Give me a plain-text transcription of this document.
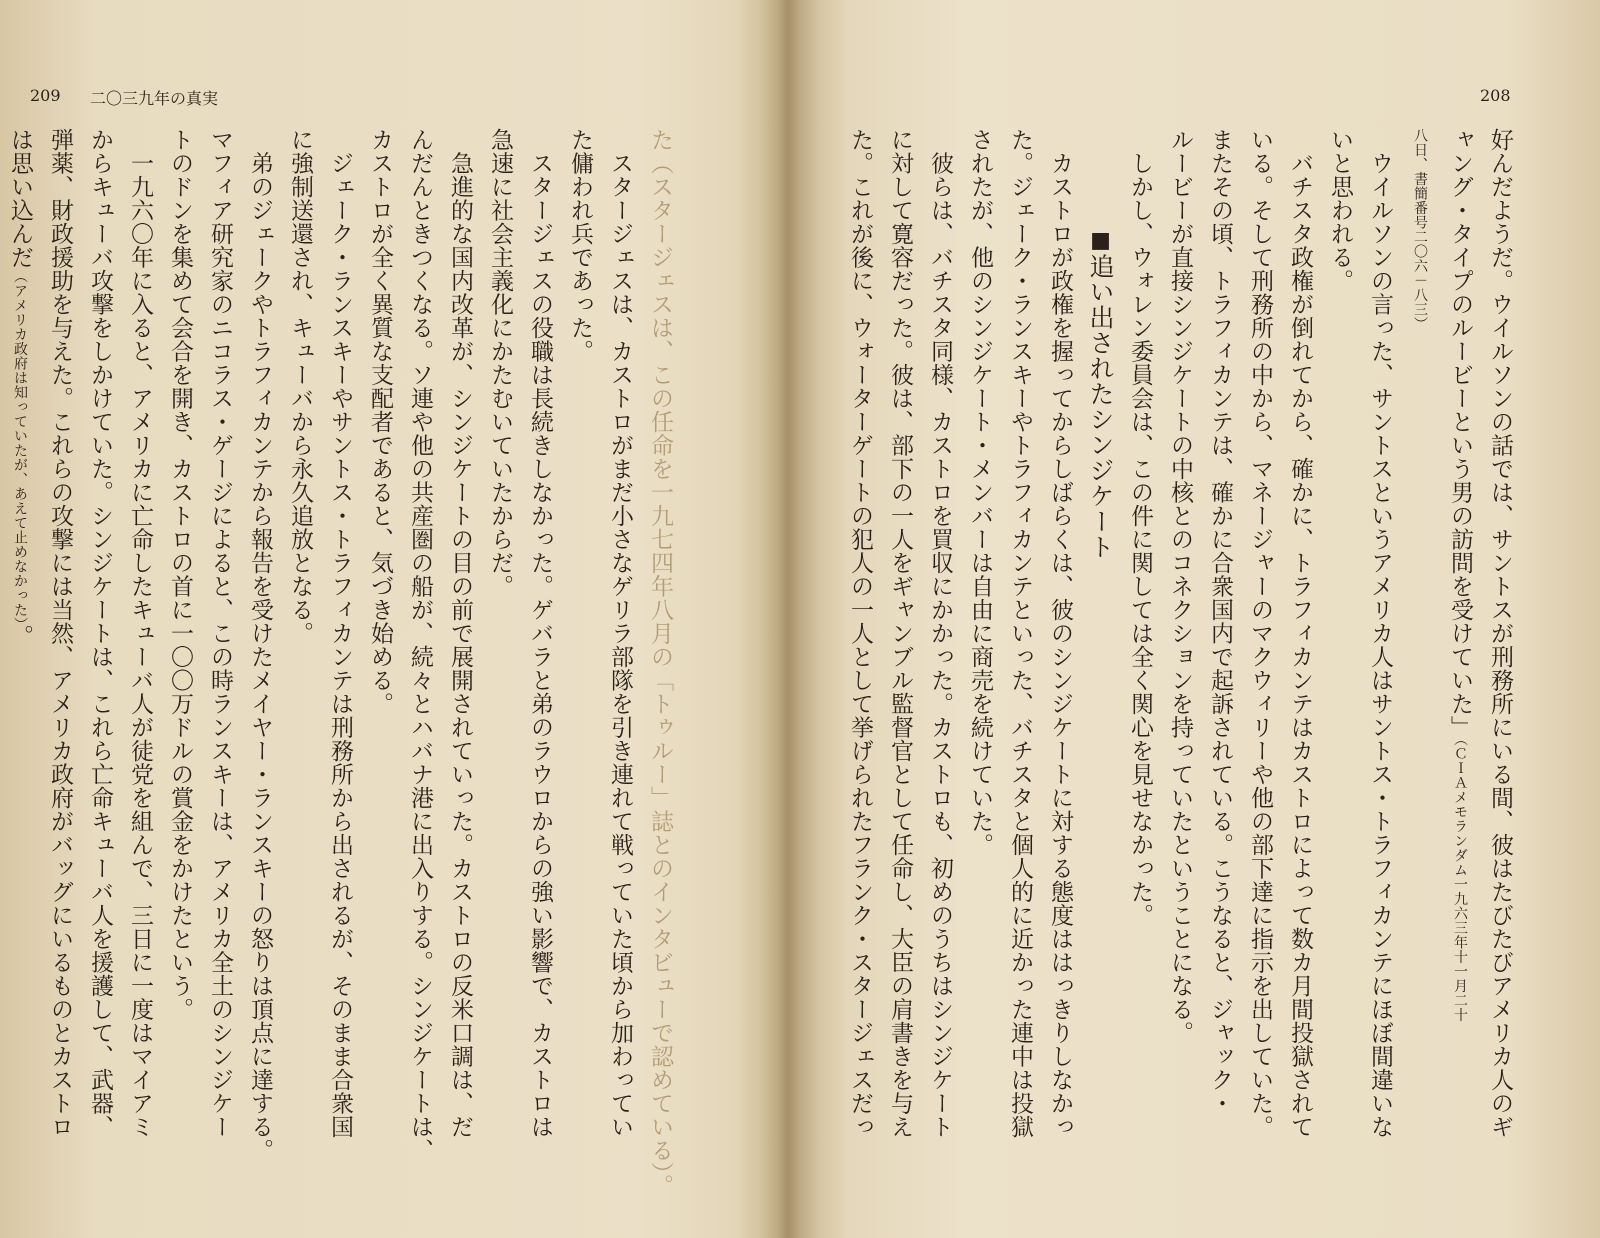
209 二〇三九年の真実
た（スタージェスは、この任命を一九七四年八月の「トゥルー」誌とのインタビューで認めている）。
　スタージェスは、カストロがまだ小さなゲリラ部隊を引き連れて戦っていた頃から加わってい
た傭われ兵であった。
　スタージェスの役職は長続きしなかった。ゲバラと弟のラウロからの強い影響で、カストロは
急速に社会主義化にかたむいていたからだ。
　急進的な国内改革が、シンジケートの目の前で展開されていった。カストロの反米口調は、だ
んだんときつくなる。ソ連や他の共産圏の船が、続々とハバナ港に出入りする。シンジケートは、
カストロが全く異質な支配者であると、気づき始める。
　ジェーク・ランスキーやサントス・トラフィカンテは刑務所から出されるが、そのまま合衆国
に強制送還され、キューバから永久追放となる。
　弟のジェークやトラフィカンテから報告を受けたメイヤー・ランスキーの怒りは頂点に達する。
マフィア研究家のニコラス・ゲージによると、この時ランスキーは、アメリカ全土のシンジケー
トのドンを集めて会合を開き、カストロの首に一〇〇万ドルの賞金をかけたという。
　一九六〇年に入ると、アメリカに亡命したキューバ人が徒党を組んで、三日に一度はマイアミ
からキューバ攻撃をしかけていた。シンジケートは、これら亡命キューバ人を援護して、武器、
弾薬、財政援助を与えた。これらの攻撃には当然、アメリカ政府がバッグにいるものとカストロ
は思い込んだ（アメリカ政府は知っていたが、あえて止めなかった）。
208
好んだようだ。ウイルソンの話では、サントスが刑務所にいる間、彼はたびたびアメリカ人のギ
ャング・タイプのルービーという男の訪問を受けていた」（ＣＩＡメモランダム一九六三年十一月二十
八日、書簡番号二〇六－八三）
　ウイルソンの言った、サントスというアメリカ人はサントス・トラフィカンテにほぼ間違いな
いと思われる。
　バチスタ政権が倒れてから、確かに、トラフィカンテはカストロによって数カ月間投獄されて
いる。そして刑務所の中から、マネージャーのマクウィリーや他の部下達に指示を出していた。
またその頃、トラフィカンテは、確かに合衆国内で起訴されている。こうなると、ジャック・
ルービーが直接シンジケートの中核とのコネクションを持っていたということになる。
　しかし、ウォレン委員会は、この件に関しては全く関心を見せなかった。
■追い出されたシンジケート
　カストロが政権を握ってからしばらくは、彼のシンジケートに対する態度ははっきりしなかっ
た。ジェーク・ランスキーやトラフィカンテといった、バチスタと個人的に近かった連中は投獄
されたが、他のシンジケート・メンバーは自由に商売を続けていた。
　彼らは、バチスタ同様、カストロを買収にかかった。カストロも、初めのうちはシンジケート
に対して寛容だった。彼は、部下の一人をギャンブル監督官として任命し、大臣の肩書きを与え
た。これが後に、ウォーターゲートの犯人の一人として挙げられたフランク・スタージェスだっ
